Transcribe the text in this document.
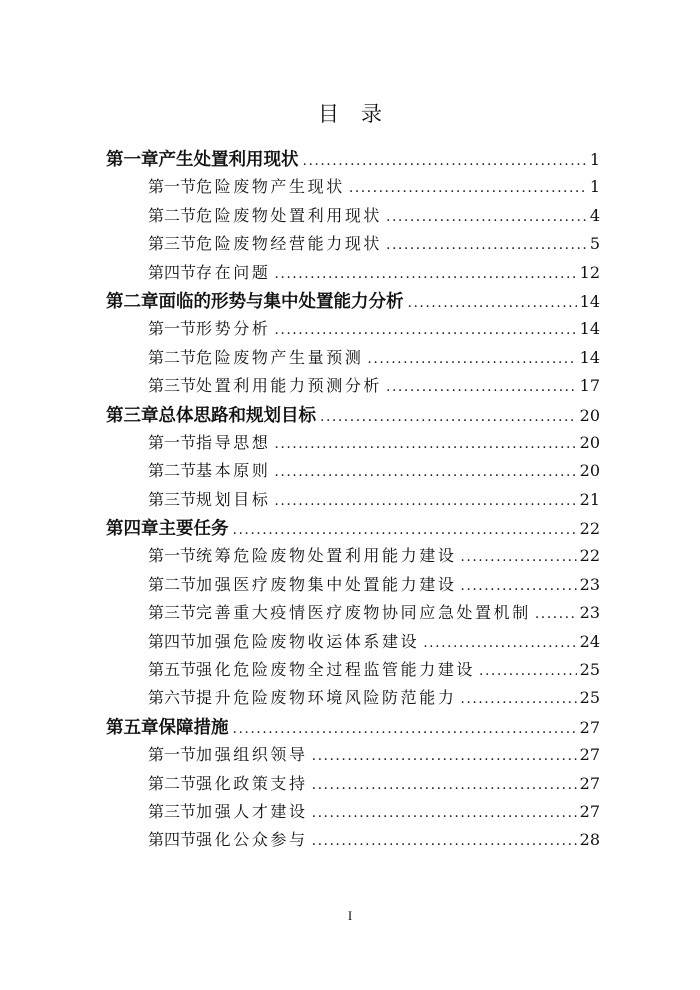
目 录
第一章 产生处置利用现状 .....	1
第一节 危险废物产生现状 .....	1
第二节 危险废物处置利用现状 .....	4
第三节 危险废物经营能力现状 .....	5
第四节 存在问题 .....	12
第二章 面临的形势与集中处置能力分析 .....	14
第一节 形势分析 .....	14
第二节 危险废物产生量预测 .....	14
第三节 处置利用能力预测分析 .....	17
第三章 总体思路和规划目标 .....	20
第一节 指导思想 .....	20
第二节 基本原则 .....	20
第三节 规划目标 .....	21
第四章 主要任务 .....	22
第一节 统筹危险废物处置利用能力建设 .....	22
第二节 加强医疗废物集中处置能力建设 .....	23
第三节 完善重大疫情医疗废物协同应急处置机制 .....	23
第四节 加强危险废物收运体系建设 .....	24
第五节 强化危险废物全过程监管能力建设 .....	25
第六节 提升危险废物环境风险防范能力 .....	25
第五章 保障措施 .....	27
第一节 加强组织领导 .....	27
第二节 强化政策支持 .....	27
第三节 加强人才建设 .....	27
第四节 强化公众参与 .....	28
I
